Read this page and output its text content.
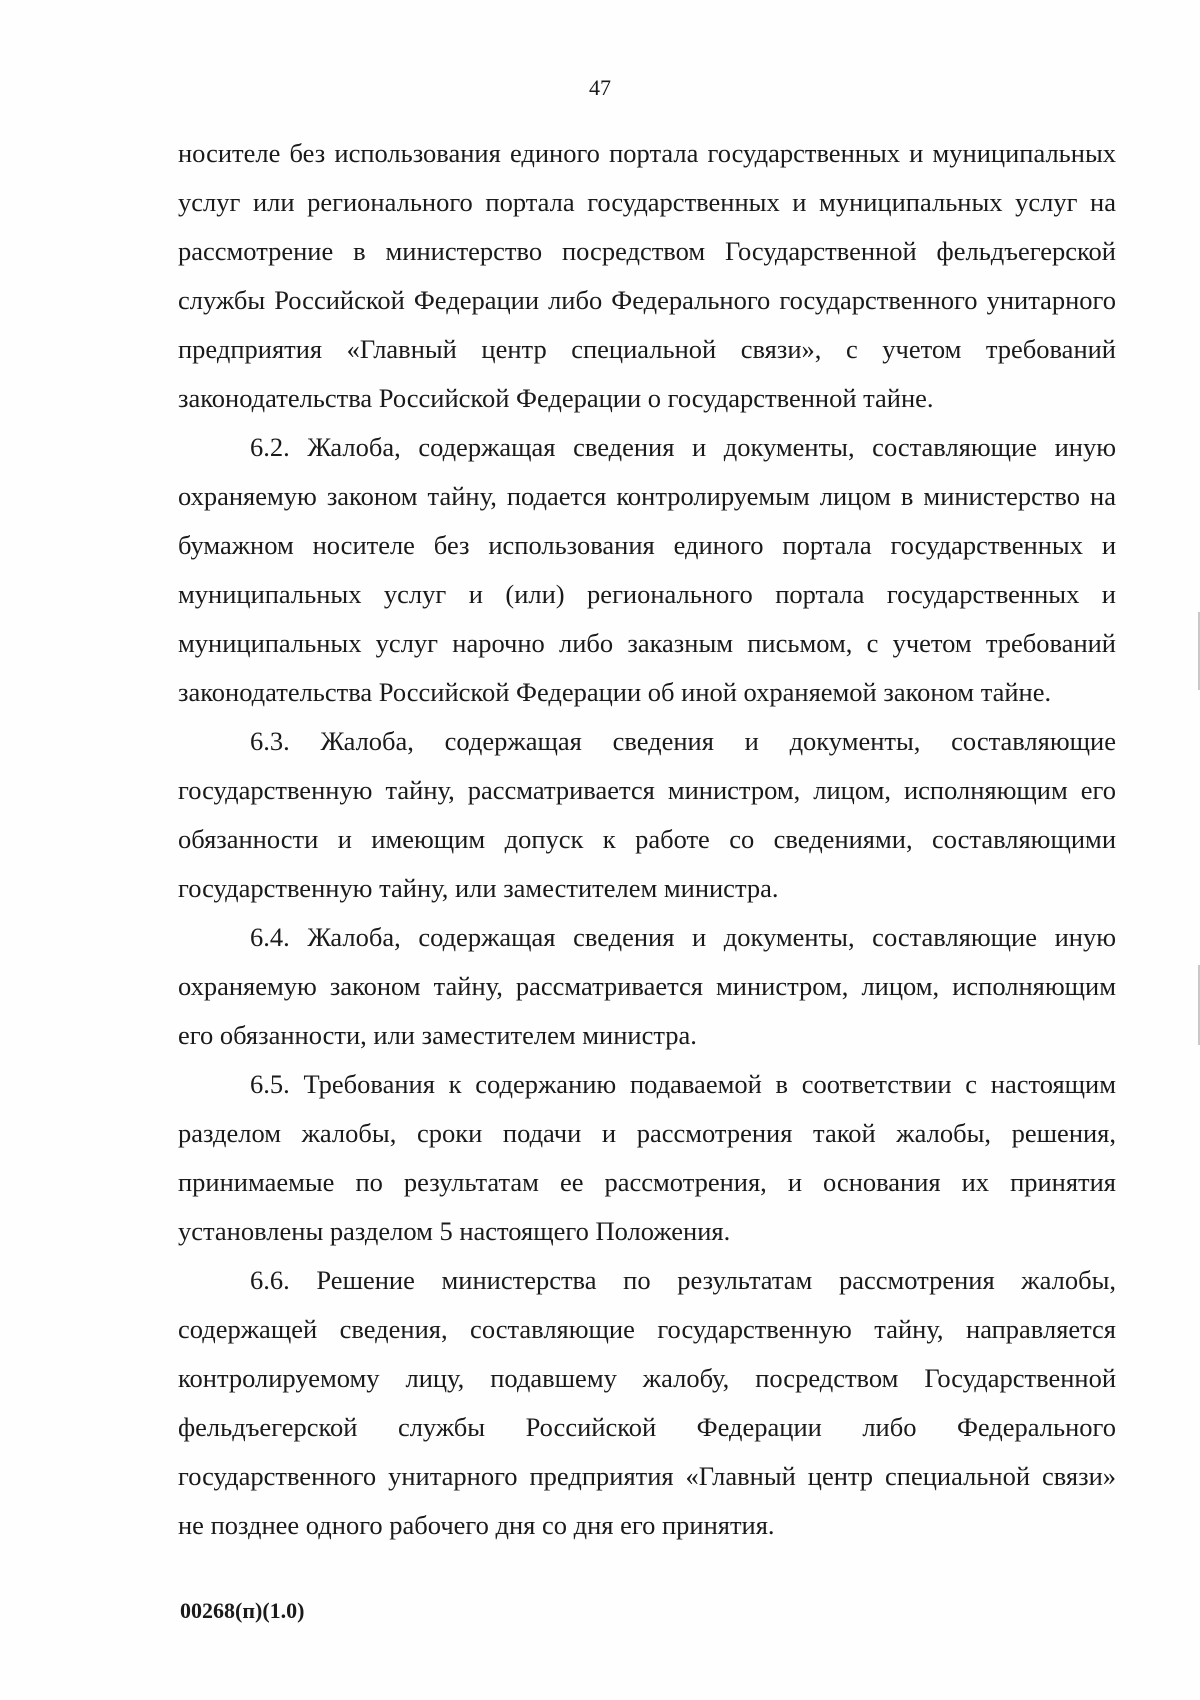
47

носителе без использования единого портала государственных и муниципальных услуг или регионального портала государственных и муниципальных услуг на рассмотрение в министерство посредством Государственной фельдъегерской службы Российской Федерации либо Федерального государственного унитарного предприятия «Главный центр специальной связи», с учетом требований законодательства Российской Федерации о государственной тайне.

6.2. Жалоба, содержащая сведения и документы, составляющие иную охраняемую законом тайну, подается контролируемым лицом в министерство на бумажном носителе без использования единого портала государственных и муниципальных услуг и (или) регионального портала государственных и муниципальных услуг нарочно либо заказным письмом, с учетом требований законодательства Российской Федерации об иной охраняемой законом тайне.

6.3. Жалоба, содержащая сведения и документы, составляющие государственную тайну, рассматривается министром, лицом, исполняющим его обязанности и имеющим допуск к работе со сведениями, составляющими государственную тайну, или заместителем министра.

6.4. Жалоба, содержащая сведения и документы, составляющие иную охраняемую законом тайну, рассматривается министром, лицом, исполняющим его обязанности, или заместителем министра.

6.5. Требования к содержанию подаваемой в соответствии с настоящим разделом жалобы, сроки подачи и рассмотрения такой жалобы, решения, принимаемые по результатам ее рассмотрения, и основания их принятия установлены разделом 5 настоящего Положения.

6.6. Решение министерства по результатам рассмотрения жалобы, содержащей сведения, составляющие государственную тайну, направляется контролируемому лицу, подавшему жалобу, посредством Государственной фельдъегерской службы Российской Федерации либо Федерального государственного унитарного предприятия «Главный центр специальной связи» не позднее одного рабочего дня со дня его принятия.

00268(п)(1.0)
